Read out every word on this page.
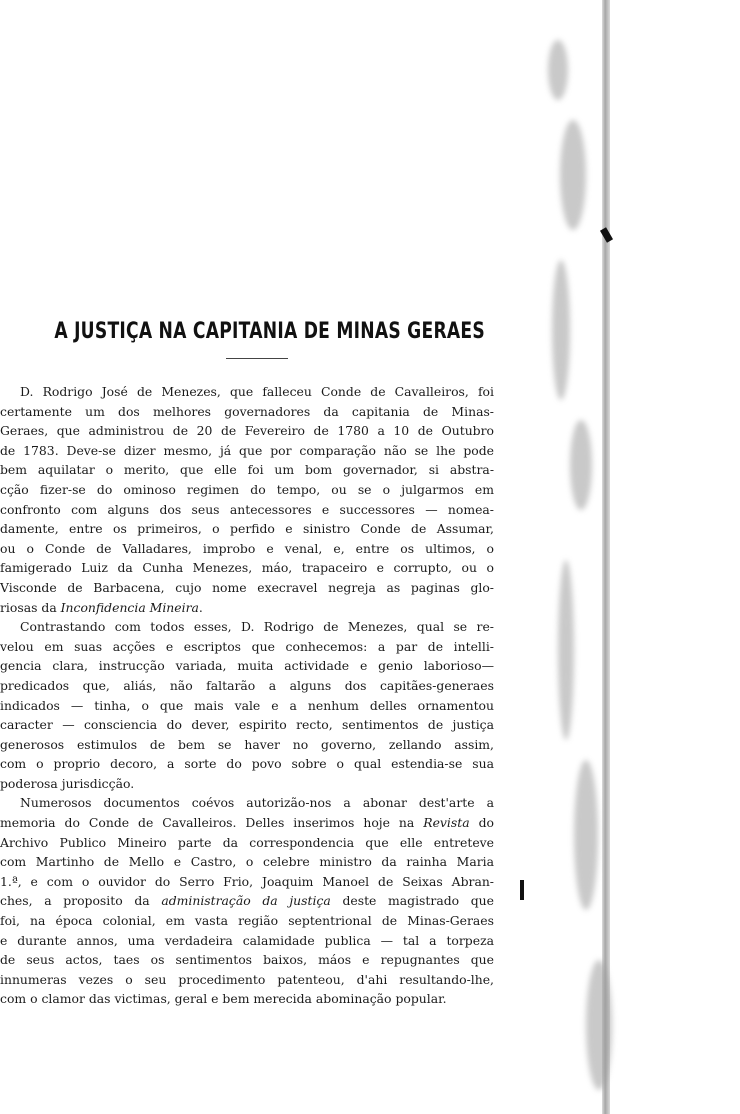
A JUSTIÇA NA CAPITANIA DE MINAS GERAES
D. Rodrigo José de Menezes, que falleceu Conde de Cavalleiros, foi
certamente um dos melhores governadores da capitania de Minas-
Geraes, que administrou de 20 de Fevereiro de 1780 a 10 de Outubro
de 1783. Deve-se dizer mesmo, já que por comparação não se lhe pode
bem aquilatar o merito, que elle foi um bom governador, si abstra-
cção fizer-se do ominoso regimen do tempo, ou se o julgarmos em
confronto com alguns dos seus antecessores e successores — nomea-
damente, entre os primeiros, o perfido e sinistro Conde de Assumar,
ou o Conde de Valladares, improbo e venal, e, entre os ultimos, o
famigerado Luiz da Cunha Menezes, máo, trapaceiro e corrupto, ou o
Visconde de Barbacena, cujo nome execravel negreja as paginas glo-
riosas da Inconfidencia Mineira.
Contrastando com todos esses, D. Rodrigo de Menezes, qual se re-
velou em suas acções e escriptos que conhecemos: a par de intelli-
gencia clara, instrucção variada, muita actividade e genio laborioso—
predicados que, aliás, não faltarão a alguns dos capitães-generaes
indicados — tinha, o que mais vale e a nenhum delles ornamentou
caracter — consciencia do dever, espirito recto, sentimentos de justiça
generosos estimulos de bem se haver no governo, zellando assim,
com o proprio decoro, a sorte do povo sobre o qual estendia-se sua
poderosa jurisdicção.
Numerosos documentos coévos autorizão-nos a abonar dest'arte a
memoria do Conde de Cavalleiros. Delles inserimos hoje na Revista do
Archivo Publico Mineiro parte da correspondencia que elle entreteve
com Martinho de Mello e Castro, o celebre ministro da rainha Maria
1.ª, e com o ouvidor do Serro Frio, Joaquim Manoel de Seixas Abran-
ches, a proposito da administração da justiça deste magistrado que
foi, na época colonial, em vasta região septentrional de Minas-Geraes
e durante annos, uma verdadeira calamidade publica — tal a torpeza
de seus actos, taes os sentimentos baixos, máos e repugnantes que
innumeras vezes o seu procedimento patenteou, d'ahi resultando-lhe,
com o clamor das victimas, geral e bem merecida abominação popular.
